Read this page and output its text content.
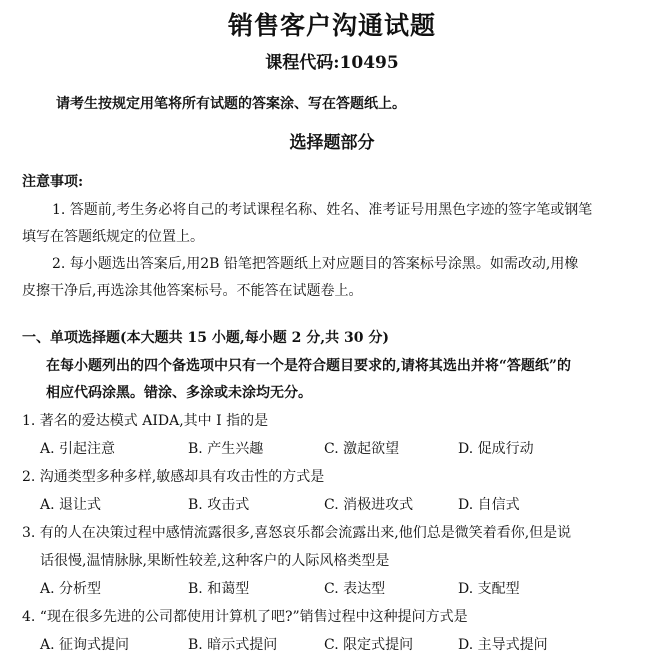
销售客户沟通试题
课程代码:10495
请考生按规定用笔将所有试题的答案涂、写在答题纸上。
选择题部分
注意事项:
1. 答题前,考生务必将自己的考试课程名称、姓名、准考证号用黑色字迹的签字笔或钢笔
填写在答题纸规定的位置上。
2. 每小题选出答案后,用2B 铅笔把答题纸上对应题目的答案标号涂黑。如需改动,用橡
皮擦干净后,再选涂其他答案标号。不能答在试题卷上。
一、单项选择题(本大题共 15 小题,每小题 2 分,共 30 分)
在每小题列出的四个备选项中只有一个是符合题目要求的,请将其选出并将“答题纸”的
相应代码涂黑。错涂、多涂或未涂均无分。
1. 著名的爱达模式 AIDA,其中 I 指的是
A. 引起注意	B. 产生兴趣	C. 激起欲望	D. 促成行动
2. 沟通类型多种多样,敏感却具有攻击性的方式是
A. 退让式	B. 攻击式	C. 消极进攻式	D. 自信式
3. 有的人在决策过程中感情流露很多,喜怒哀乐都会流露出来,他们总是微笑着看你,但是说
话很慢,温情脉脉,果断性较差,这种客户的人际风格类型是
A. 分析型	B. 和蔼型	C. 表达型	D. 支配型
4. “现在很多先进的公司都使用计算机了吧?”销售过程中这种提问方式是
A. 征询式提问	B. 暗示式提问	C. 限定式提问	D. 主导式提问
